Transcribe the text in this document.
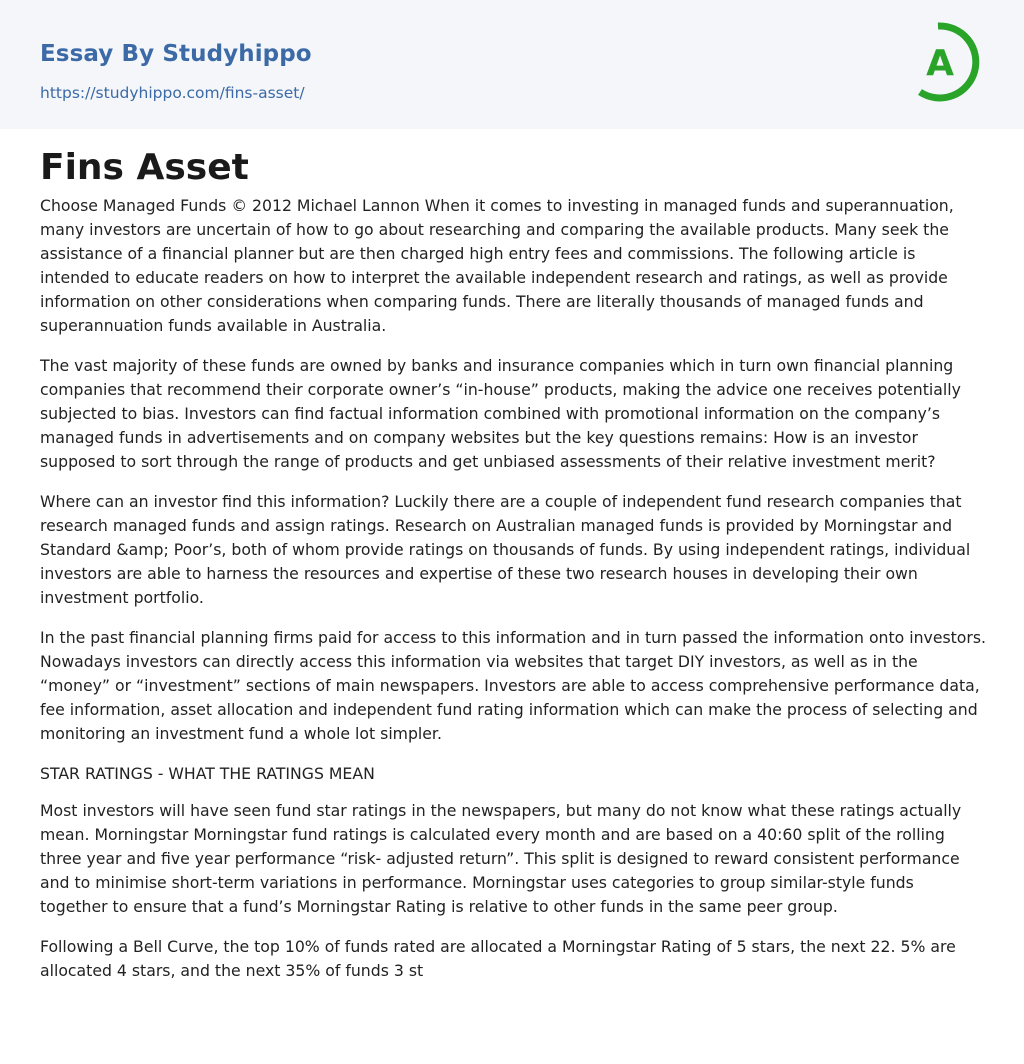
Essay By Studyhippo
https://studyhippo.com/fins-asset/
A
Fins Asset

Choose Managed Funds © 2012 Michael Lannon When it comes to investing in managed funds and superannuation, many investors are uncertain of how to go about researching and comparing the available products. Many seek the assistance of a financial planner but are then charged high entry fees and commissions. The following article is intended to educate readers on how to interpret the available independent research and ratings, as well as provide information on other considerations when comparing funds. There are literally thousands of managed funds and superannuation funds available in Australia.

The vast majority of these funds are owned by banks and insurance companies which in turn own financial planning companies that recommend their corporate owner’s “in-house” products, making the advice one receives potentially subjected to bias. Investors can find factual information combined with promotional information on the company’s managed funds in advertisements and on company websites but the key questions remains: How is an investor supposed to sort through the range of products and get unbiased assessments of their relative investment merit?

Where can an investor find this information? Luckily there are a couple of independent fund research companies that research managed funds and assign ratings. Research on Australian managed funds is provided by Morningstar and Standard &amp; Poor’s, both of whom provide ratings on thousands of funds. By using independent ratings, individual investors are able to harness the resources and expertise of these two research houses in developing their own investment portfolio.

In the past financial planning firms paid for access to this information and in turn passed the information onto investors. Nowadays investors can directly access this information via websites that target DIY investors, as well as in the “money” or “investment” sections of main newspapers. Investors are able to access comprehensive performance data, fee information, asset allocation and independent fund rating information which can make the process of selecting and monitoring an investment fund a whole lot simpler.

STAR RATINGS - WHAT THE RATINGS MEAN

Most investors will have seen fund star ratings in the newspapers, but many do not know what these ratings actually mean. Morningstar Morningstar fund ratings is calculated every month and are based on a 40:60 split of the rolling three year and five year performance “risk- adjusted return”. This split is designed to reward consistent performance and to minimise short-term variations in performance. Morningstar uses categories to group similar-style funds together to ensure that a fund’s Morningstar Rating is relative to other funds in the same peer group.

Following a Bell Curve, the top 10% of funds rated are allocated a Morningstar Rating of 5 stars, the next 22. 5% are allocated 4 stars, and the next 35% of funds 3 st
